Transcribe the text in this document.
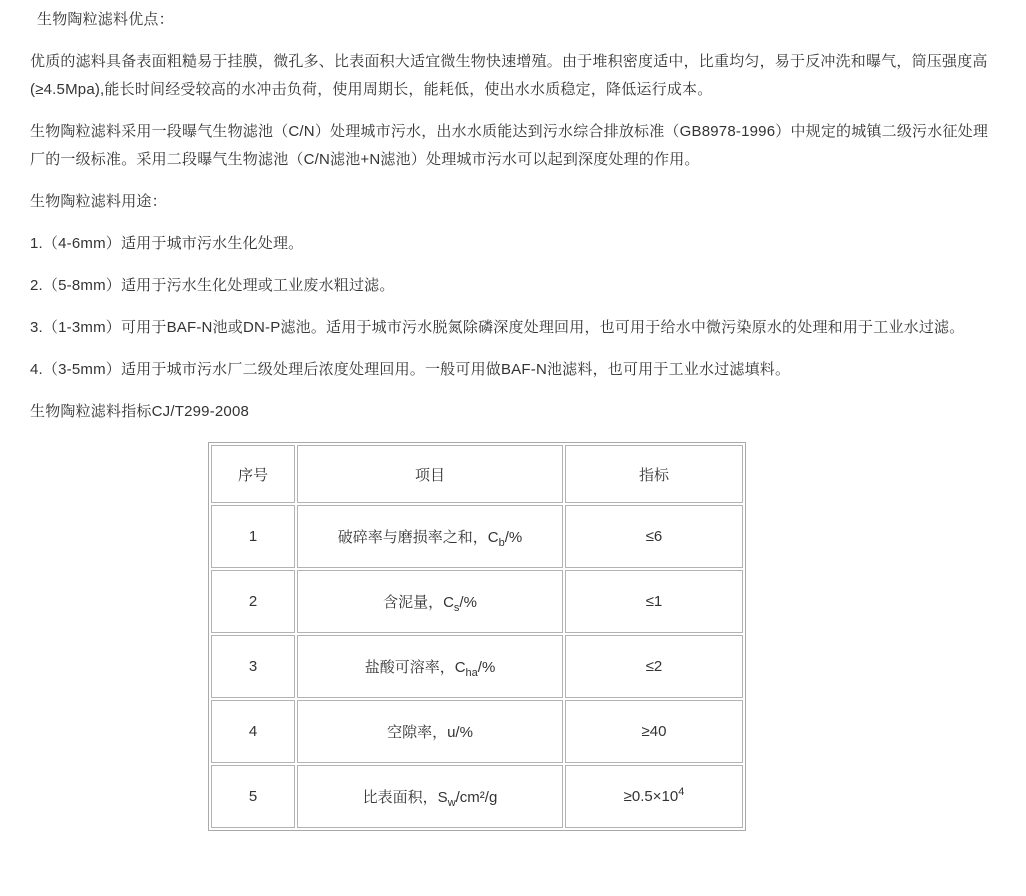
生物陶粒滤料优点：

优质的滤料具备表面粗糙易于挂膜，微孔多、比表面积大适宜微生物快速增殖。由于堆积密度适中，比重均匀，易于反冲洗和曝气，筒压强度高(≥4.5Mpa),能长时间经受较高的水冲击负荷，使用周期长，能耗低，使出水水质稳定，降低运行成本。

生物陶粒滤料采用一段曝气生物滤池（C/N）处理城市污水，出水水质能达到污水综合排放标准（GB8978-1996）中规定的城镇二级污水征处理厂的一级标准。采用二段曝气生物滤池（C/N滤池+N滤池）处理城市污水可以起到深度处理的作用。

生物陶粒滤料用途：

1.（4-6mm）适用于城市污水生化处理。

2.（5-8mm）适用于污水生化处理或工业废水粗过滤。

3.（1-3mm）可用于BAF-N池或DN-P滤池。适用于城市污水脱氮除磷深度处理回用，也可用于给水中微污染原水的处理和用于工业水过滤。

4.（3-5mm）适用于城市污水厂二级处理后浓度处理回用。一般可用做BAF-N池滤料，也可用于工业水过滤填料。

生物陶粒滤料指标CJ/T299-2008

序号	项目	指标
1	破碎率与磨损率之和，$C_b/\%$	≤6
2	含泥量，$C_s/\%$	≤1
3	盐酸可溶率，$C_{ha}/\%$	≤2
4	空隙率，u/%	≥40
5	比表面积，$S_w/cm^2/g$	$\ge 0.5\times 10^4$
